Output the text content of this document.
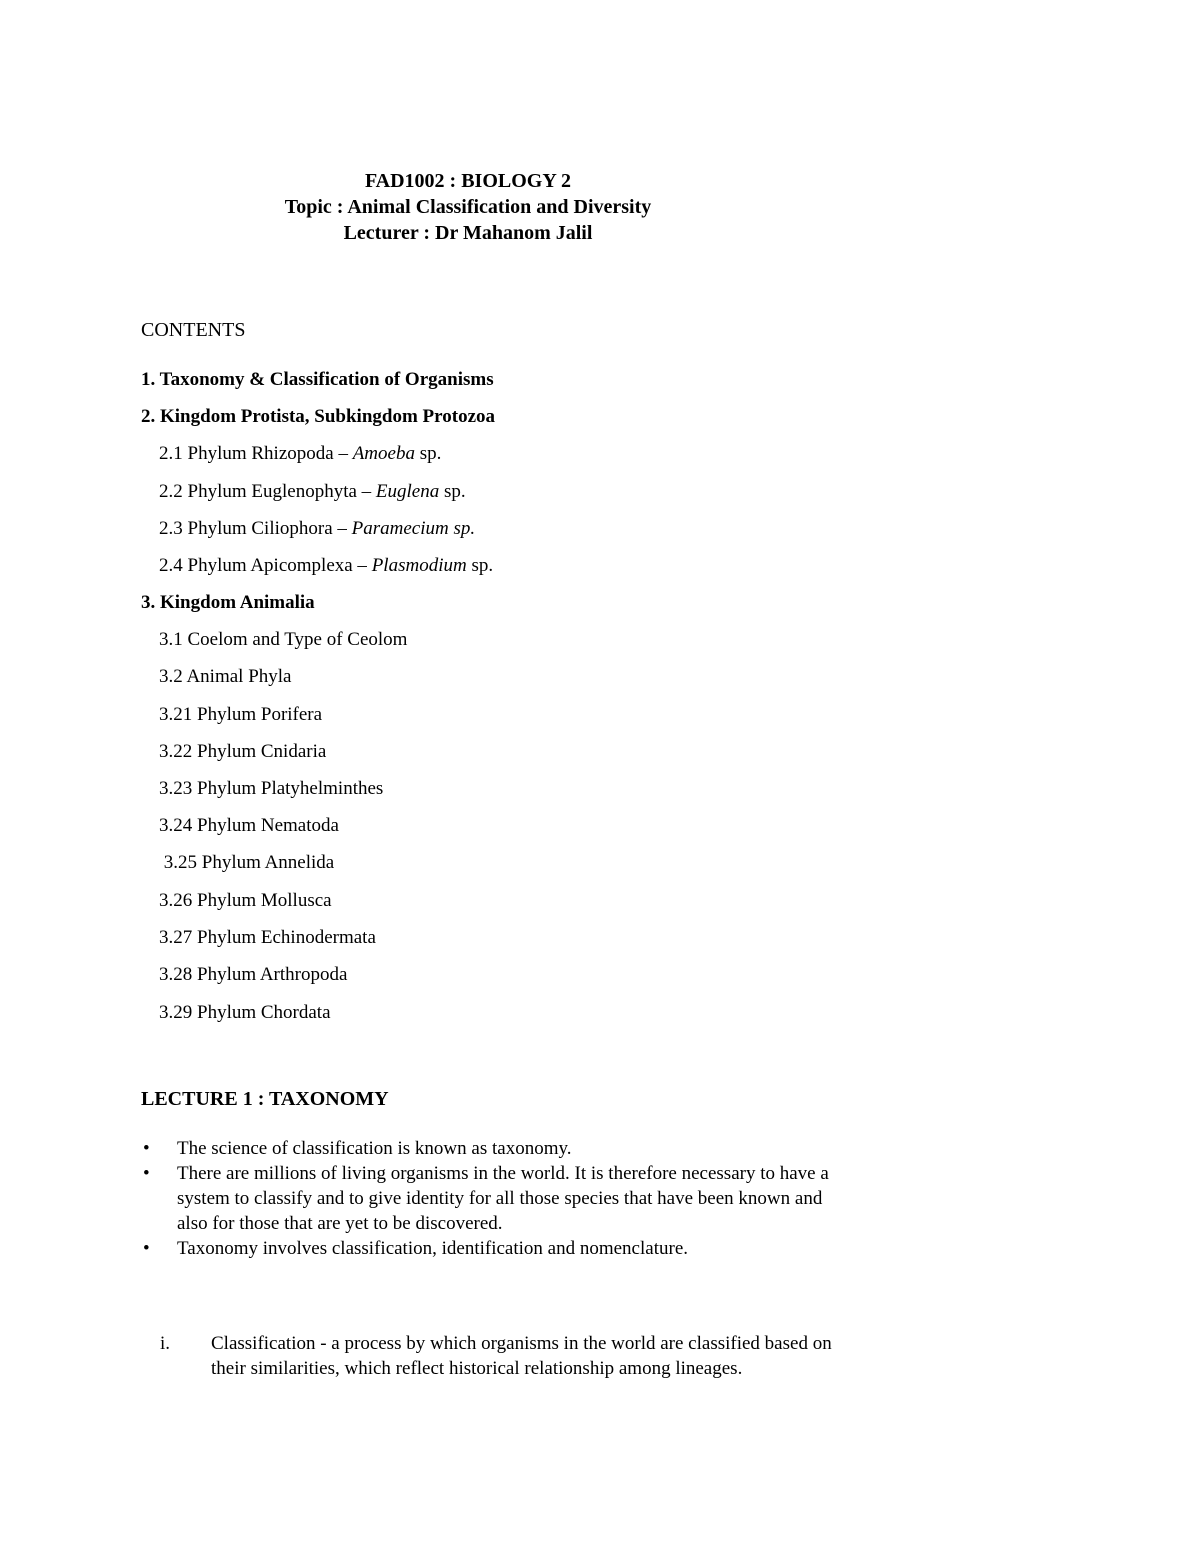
FAD1002 : BIOLOGY 2
Topic : Animal Classification and Diversity
Lecturer : Dr Mahanom Jalil
CONTENTS
1. Taxonomy & Classification of Organisms
2. Kingdom Protista, Subkingdom Protozoa
2.1 Phylum Rhizopoda – Amoeba sp.
2.2 Phylum Euglenophyta – Euglena sp.
2.3 Phylum Ciliophora – Paramecium sp.
2.4 Phylum Apicomplexa – Plasmodium sp.
3. Kingdom Animalia
3.1 Coelom and Type of Ceolom
3.2 Animal Phyla
3.21 Phylum Porifera
3.22 Phylum Cnidaria
3.23 Phylum Platyhelminthes
3.24 Phylum Nematoda
3.25 Phylum Annelida
3.26 Phylum Mollusca
3.27 Phylum Echinodermata
3.28 Phylum Arthropoda
3.29 Phylum Chordata
LECTURE 1 : TAXONOMY
• The science of classification is known as taxonomy.
• There are millions of living organisms in the world. It is therefore necessary to have a system to classify and to give identity for all those species that have been known and also for those that are yet to be discovered.
• Taxonomy involves classification, identification and nomenclature.
i. Classification - a process by which organisms in the world are classified based on their similarities, which reflect historical relationship among lineages.
